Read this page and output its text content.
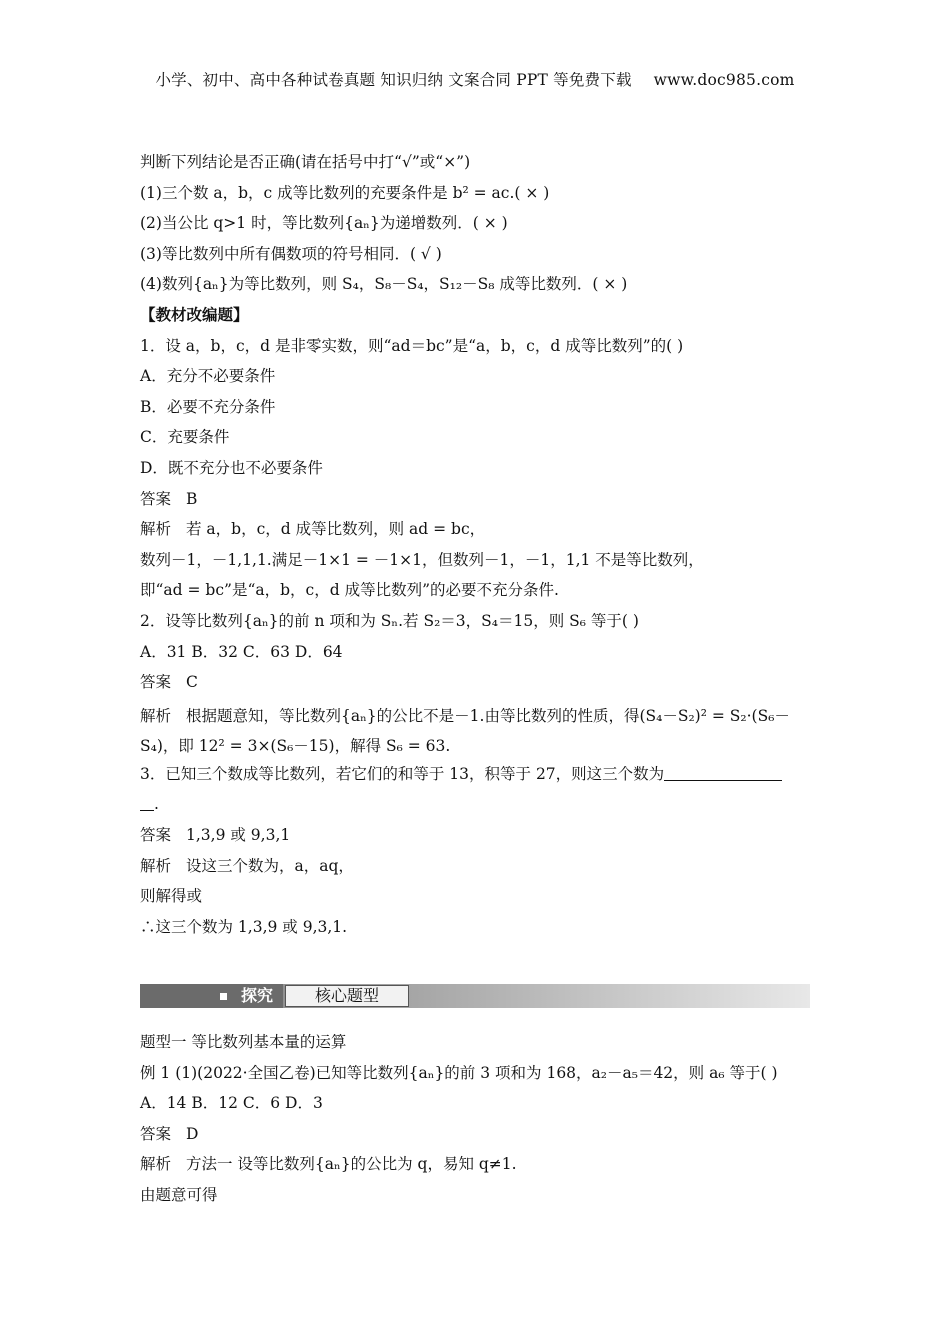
小学、初中、高中各种试卷真题 知识归纳 文案合同 PPT 等免费下载 www.doc985.com
判断下列结论是否正确(请在括号中打“√”或“×”)
(1)三个数 a，b，c 成等比数列的充要条件是 b² = ac.( × )
(2)当公比 q>1 时，等比数列{aₙ}为递增数列．( × )
(3)等比数列中所有偶数项的符号相同．( √ )
(4)数列{aₙ}为等比数列，则 S₄，S₈－S₄，S₁₂－S₈ 成等比数列．( × )
【教材改编题】
1．设 a，b，c，d 是非零实数，则“ad＝bc”是“a，b，c，d 成等比数列”的( )
A．充分不必要条件
B．必要不充分条件
C．充要条件
D．既不充分也不必要条件
答案 B
解析 若 a，b，c，d 成等比数列，则 ad = bc，
数列－1，－1,1,1.满足－1×1 = －1×1，但数列－1，－1，1,1 不是等比数列，
即“ad = bc”是“a，b，c，d 成等比数列”的必要不充分条件.
2．设等比数列{aₙ}的前 n 项和为 Sₙ.若 S₂＝3，S₄＝15，则 S₆ 等于( )
A．31 B．32 C．63 D．64
答案 C
解析 根据题意知，等比数列{aₙ}的公比不是－1.由等比数列的性质，得(S₄－S₂)² = S₂·(S₆－S₄)，即 12² = 3×(S₆－15)，解得 S₆ = 63.
3．已知三个数成等比数列，若它们的和等于 13，积等于 27，则这三个数为
.
答案 1,3,9 或 9,3,1
解析 设这三个数为，a，aq，
则解得或
∴这三个数为 1,3,9 或 9,3,1.
探究	核心题型
题型一 等比数列基本量的运算
例 1 (1)(2022·全国乙卷)已知等比数列{aₙ}的前 3 项和为 168，a₂－a₅＝42，则 a₆ 等于( )
A．14 B．12 C．6 D．3
答案 D
解析 方法一 设等比数列{aₙ}的公比为 q，易知 q≠1.
由题意可得
